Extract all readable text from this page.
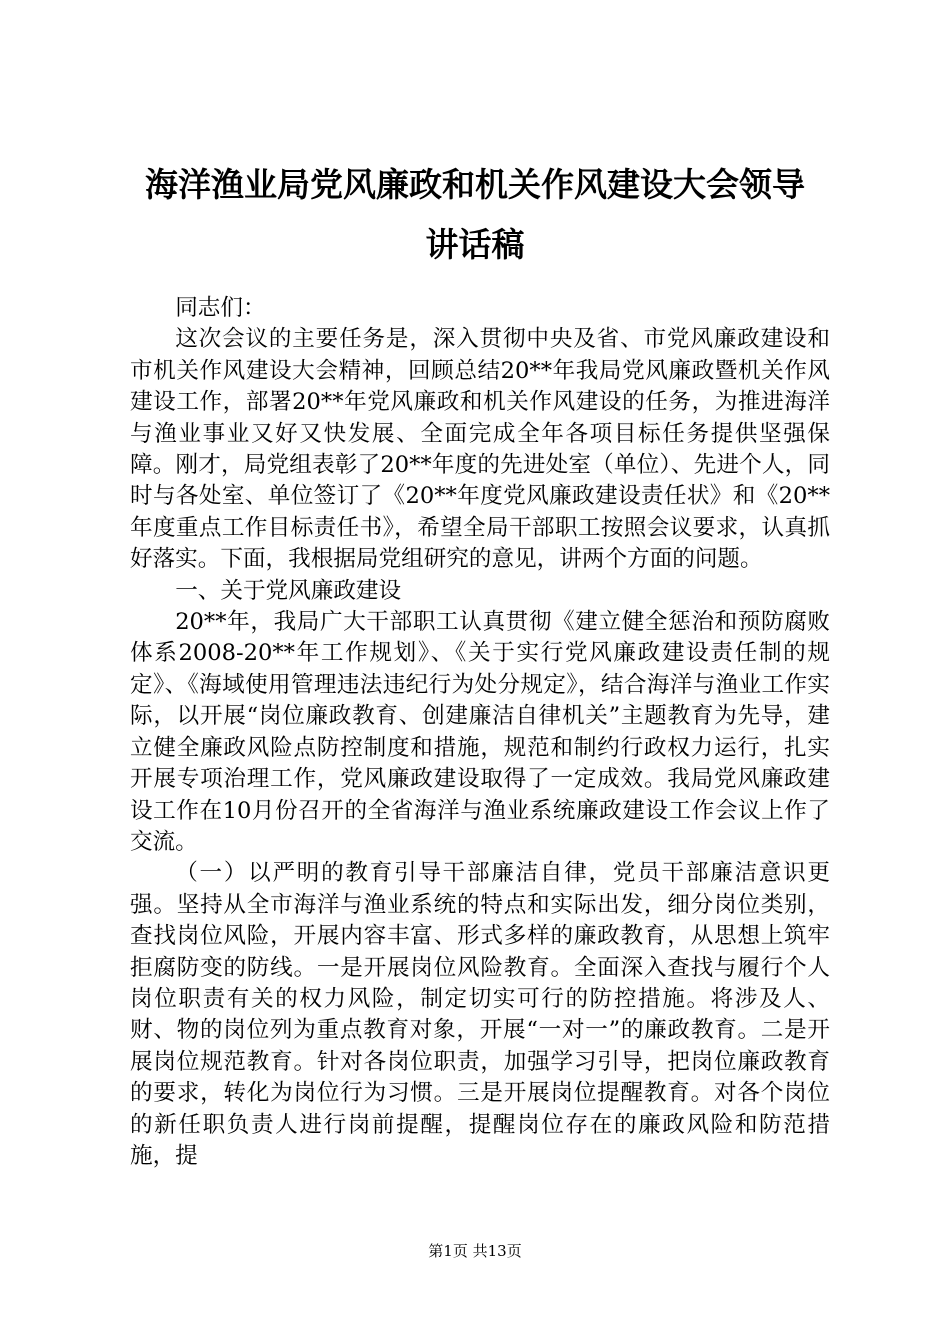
海洋渔业局党风廉政和机关作风建设大会领导
讲话稿

同志们：

这次会议的主要任务是，深入贯彻中央及省、市党风廉政建设和市机关作风建设大会精神，回顾总结20**年我局党风廉政暨机关作风建设工作，部署20**年党风廉政和机关作风建设的任务，为推进海洋与渔业事业又好又快发展、全面完成全年各项目标任务提供坚强保障。刚才，局党组表彰了20**年度的先进处室（单位）、先进个人，同时与各处室、单位签订了《20**年度党风廉政建设责任状》和《20**年度重点工作目标责任书》，希望全局干部职工按照会议要求，认真抓好落实。下面，我根据局党组研究的意见，讲两个方面的问题。

一、关于党风廉政建设

20**年，我局广大干部职工认真贯彻《建立健全惩治和预防腐败体系2008-20**年工作规划》、《关于实行党风廉政建设责任制的规定》、《海域使用管理违法违纪行为处分规定》，结合海洋与渔业工作实际，以开展“岗位廉政教育、创建廉洁自律机关”主题教育为先导，建立健全廉政风险点防控制度和措施，规范和制约行政权力运行，扎实开展专项治理工作，党风廉政建设取得了一定成效。我局党风廉政建设工作在10月份召开的全省海洋与渔业系统廉政建设工作会议上作了交流。

（一）以严明的教育引导干部廉洁自律，党员干部廉洁意识更强。坚持从全市海洋与渔业系统的特点和实际出发，细分岗位类别，查找岗位风险，开展内容丰富、形式多样的廉政教育，从思想上筑牢拒腐防变的防线。一是开展岗位风险教育。全面深入查找与履行个人岗位职责有关的权力风险，制定切实可行的防控措施。将涉及人、财、物的岗位列为重点教育对象，开展“一对一”的廉政教育。二是开展岗位规范教育。针对各岗位职责，加强学习引导，把岗位廉政教育的要求，转化为岗位行为习惯。三是开展岗位提醒教育。对各个岗位的新任职负责人进行岗前提醒，提醒岗位存在的廉政风险和防范措施，提

第1页 共13页
